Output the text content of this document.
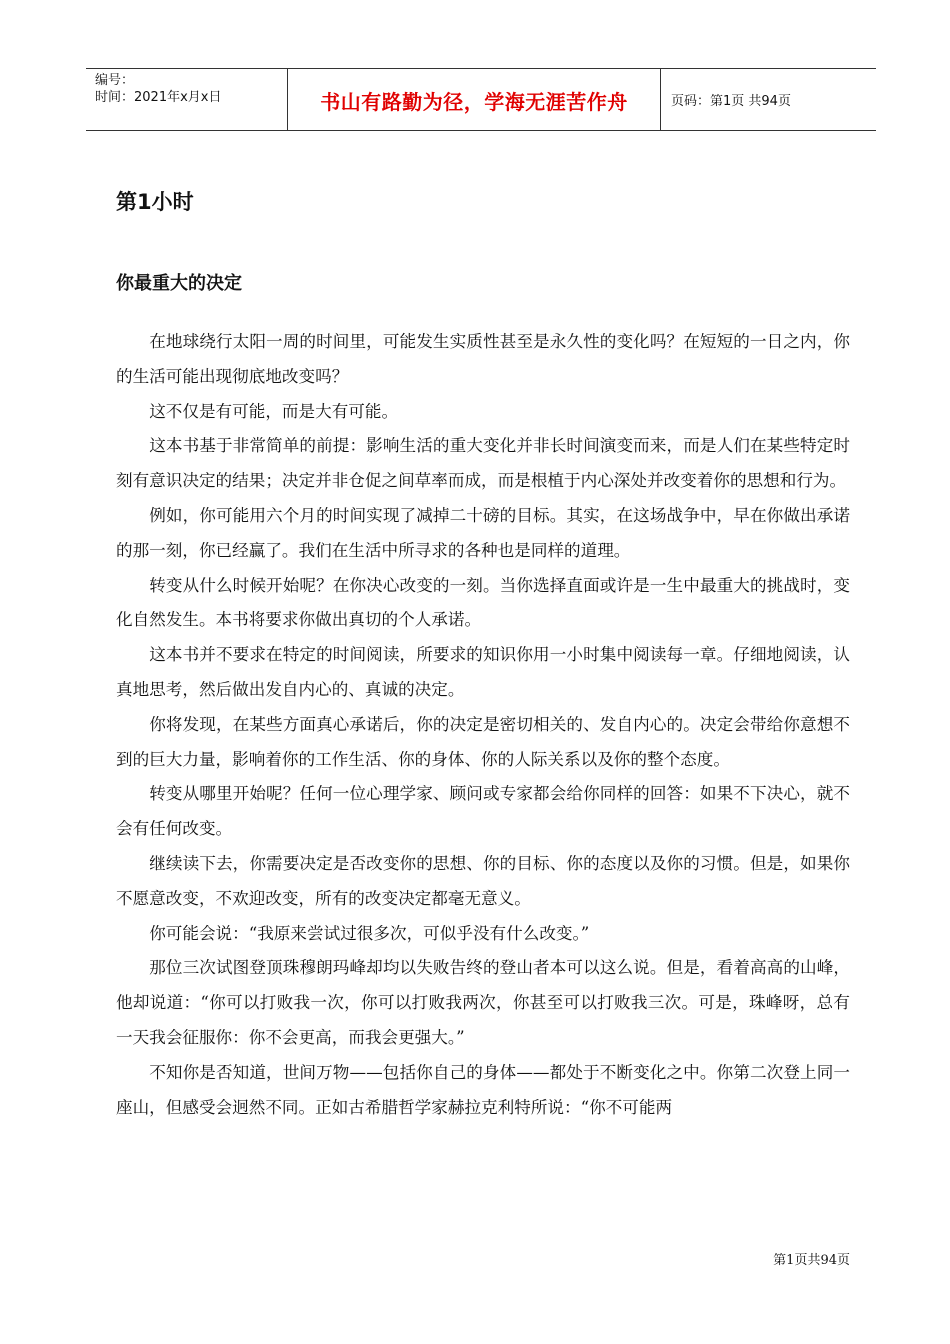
编号：
时间：2021年x月x日	书山有路勤为径，学海无涯苦作舟	页码：第1页 共94页
第1小时
你最重大的决定

在地球绕行太阳一周的时间里，可能发生实质性甚至是永久性的变化吗？在短短的一日之内，你的生活可能出现彻底地改变吗？

这不仅是有可能，而是大有可能。

这本书基于非常简单的前提：影响生活的重大变化并非长时间演变而来，而是人们在某些特定时刻有意识决定的结果；决定并非仓促之间草率而成，而是根植于内心深处并改变着你的思想和行为。

例如，你可能用六个月的时间实现了减掉二十磅的目标。其实，在这场战争中，早在你做出承诺的那一刻，你已经赢了。我们在生活中所寻求的各种也是同样的道理。

转变从什么时候开始呢？在你决心改变的一刻。当你选择直面或许是一生中最重大的挑战时，变化自然发生。本书将要求你做出真切的个人承诺。

这本书并不要求在特定的时间阅读，所要求的知识你用一小时集中阅读每一章。仔细地阅读，认真地思考，然后做出发自内心的、真诚的决定。

你将发现，在某些方面真心承诺后，你的决定是密切相关的、发自内心的。决定会带给你意想不到的巨大力量，影响着你的工作生活、你的身体、你的人际关系以及你的整个态度。

转变从哪里开始呢？任何一位心理学家、顾问或专家都会给你同样的回答：如果不下决心，就不会有任何改变。

继续读下去，你需要决定是否改变你的思想、你的目标、你的态度以及你的习惯。但是，如果你不愿意改变，不欢迎改变，所有的改变决定都毫无意义。

你可能会说：“我原来尝试过很多次，可似乎没有什么改变。”

那位三次试图登顶珠穆朗玛峰却均以失败告终的登山者本可以这么说。但是，看着高高的山峰，他却说道：“你可以打败我一次，你可以打败我两次，你甚至可以打败我三次。可是，珠峰呀，总有一天我会征服你：你不会更高，而我会更强大。”

不知你是否知道，世间万物——包括你自己的身体——都处于不断变化之中。你第二次登上同一座山，但感受会迥然不同。正如古希腊哲学家赫拉克利特所说：“你不可能两

第1页共94页
